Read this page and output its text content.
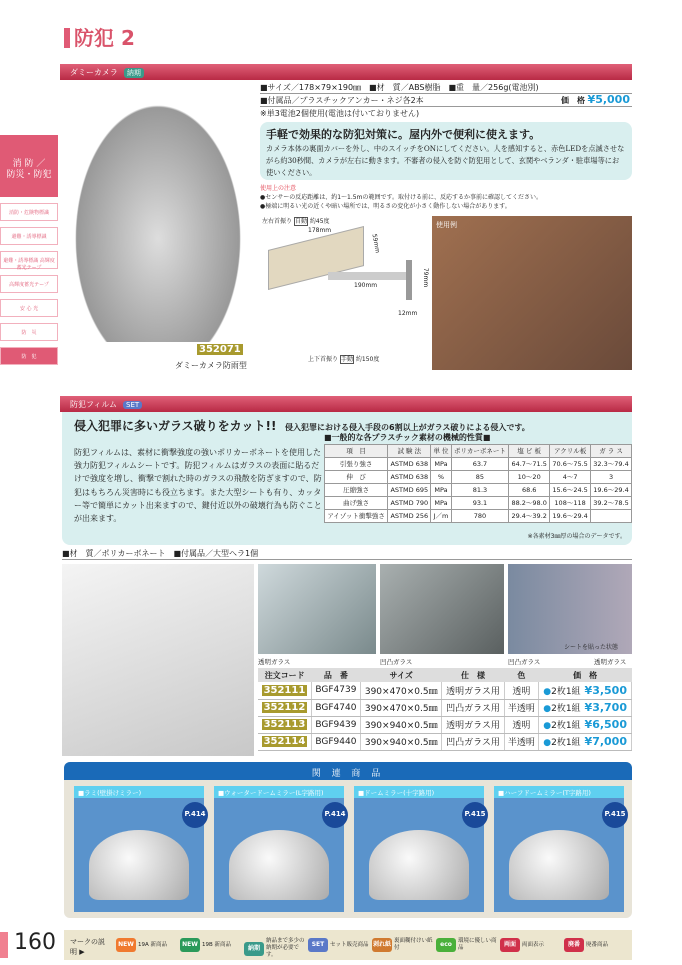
防犯 2
消 防 ／
防災・防犯
消防・危険物標識
避難・誘導標識
避難・誘導標識 高輝度蓄光テープ
高輝度蓄光テープ
安 心 光
防　災
防　犯
ダミーカメラ 納期
352071
ダミーカメラ防雨型
■サイズ／178×79×190㎜　■材　質／ABS樹脂　■重　量／256g(電池別)
■付属品／プラスチックアンカー・ネジ各2本	価　格 ¥5,000
※単3電池2個使用(電池は付いておりません)
手軽で効果的な防犯対策に。屋内外で便利に使えます。
カメラ本体の裏面カバーを外し、中のスイッチをONにしてください。人を感知すると、赤色LEDを点滅させながら約30秒間、カメラが左右に動きます。不審者の侵入を防ぐ防犯用として、玄関やベランダ・駐車場等にお使いください。
使用上の注意
●センサーの反応距離は、約1〜1.5mの範囲です。取付ける前に、反応するか事前に確認してください。
●極端に明るい光の近くや暗い場所では、明るさの変化が小さく動作しない場合があります。
左右首振り 自動 約45度
178mm
59mm
190mm	79mm
12mm
上下首振り 手動 約150度
使用例
防犯フィルム SET
侵入犯罪に多いガラス破りをカット!! 侵入犯罪における侵入手段の6割以上がガラス破りによる侵入です。
防犯フィルムは、素材に衝撃強度の強いポリカーボネートを使用した強力防犯フィルムシートです。防犯フィルムはガラスの表面に貼るだけで強度を増し、衝撃で割れた時のガラスの飛散を防ぎますので、防犯はもちろん災害時にも役立ちます。また大型シートも有り、カッター等で簡単にカット出来ますので、鍵付近以外の破壊行為も防ぐことが出来ます。
■一般的な各プラスチック素材の機械的性質■
項　目	試 験 法	単 位	ポリカーボネート	塩 ビ 板	アクリル板	ガ ラ ス
引張り強さ	ASTMD 638	MPa	63.7	64.7〜71.5	70.6〜75.5	32.3〜79.4
伸　び	ASTMD 638	%	85	10〜20	4〜7	3
圧縮強さ	ASTMD 695	MPa	81.3	68.6	15.6〜24.5	19.6〜29.4
曲げ強さ	ASTMD 790	MPa	93.1	88.2〜98.0	108〜118	39.2〜78.5
アイゾット衝撃強さ	ASTMD 256	J／m	780	29.4〜39.2	19.6〜29.4	
※各素材3㎜厚の場合のデータです。
■材　質／ポリカーボネート　■付属品／大型ヘラ1個
シートを貼った状態
透明ガラス	凹凸ガラス	凹凸ガラス	透明ガラス
注文コード	品　番	サイズ	仕　様	色	価　格
352111	BGF4739	390×470×0.5㎜	透明ガラス用	透明	●2枚1組 ¥3,500
352112	BGF4740	390×470×0.5㎜	凹凸ガラス用	半透明	●2枚1組 ¥3,700
352113	BGF9439	390×940×0.5㎜	透明ガラス用	透明	●2枚1組 ¥6,500
352114	BGF9440	390×940×0.5㎜	凹凸ガラス用	半透明	●2枚1組 ¥7,000
関 連 商 品
■ラミ(壁掛けミラー)
P.414
■ウォータードームミラー(L字路用)
P.414
■ドームミラー(十字路用)
P.415
■ハーフドームミラー(T字路用)
P.415
160 マークの説明 ▶
NEW 19A 新商品	NEW 19B 新商品	納期
納品まで多少の納期が必要です。
SET	セット販売商品 剥れ紙 裏面糊付けい紙付	eco	環境に優しい商品	両面	両面表示	廃番	廃番商品
